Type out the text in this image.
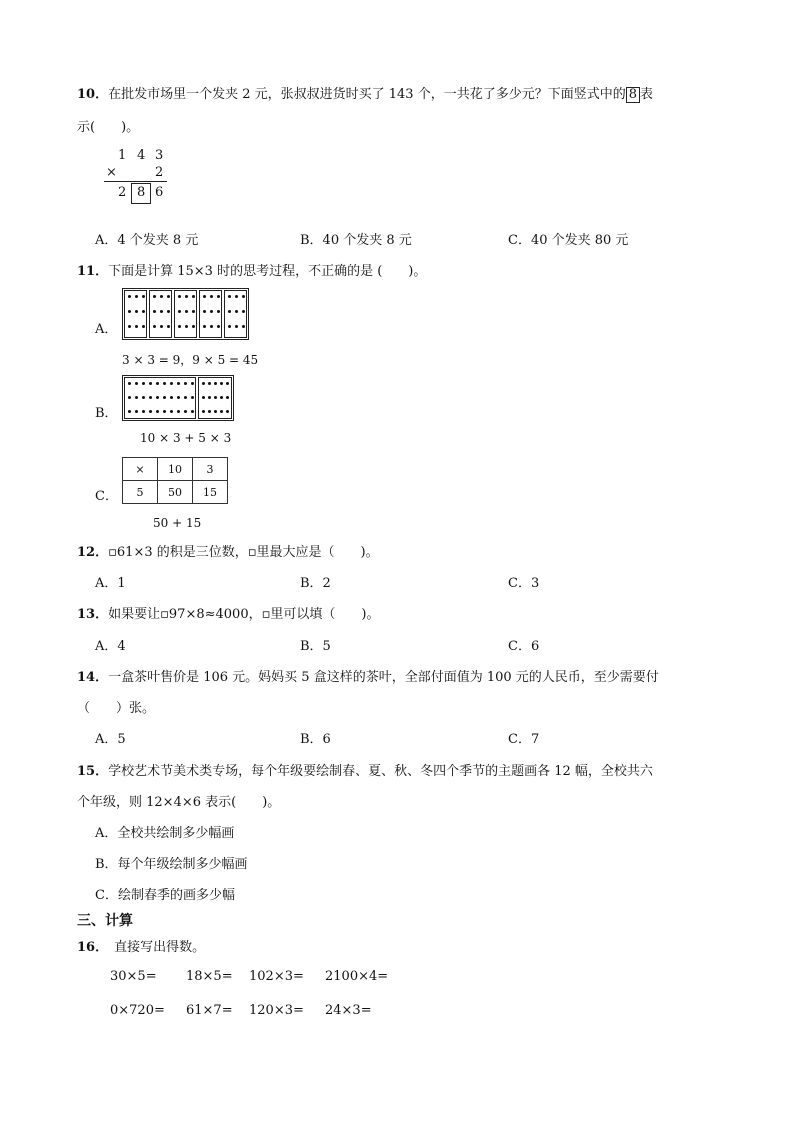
10．在批发市场里一个发夹 2 元，张叔叔进货时买了 143 个，一共花了多少元？下面竖式中的 8 表
示(　　)。
1 4 3
×	2
2 8 6
A．4 个发夹 8 元	B．40 个发夹 8 元	C．40 个发夹 80 元
11．下面是计算 15×3 时的思考过程，不正确的是 (　　)。
A．
3 × 3 = 9，9 × 5 = 45
B．
10 × 3 + 5 × 3
C．
×	10	3
5	50	15
50 + 15
12．▫61×3 的积是三位数，▫里最大应是（　　)。
A．1	B．2	C．3
13．如果要让▫97×8≈4000，▫里可以填（　　)。
A．4	B．5	C．6
14．一盒茶叶售价是 106 元。妈妈买 5 盒这样的茶叶，全部付面值为 100 元的人民币，至少需要付
（　　）张。
A．5	B．6	C．7
15．学校艺术节美术类专场，每个年级要绘制春、夏、秋、冬四个季节的主题画各 12 幅，全校共六
个年级，则 12×4×6 表示(　　)。
A．全校共绘制多少幅画
B．每个年级绘制多少幅画
C．绘制春季的画多少幅
三、计算
16． 直接写出得数。
30×5= 18×5= 102×3= 2100×4=
0×720= 61×7= 120×3= 24×3=
